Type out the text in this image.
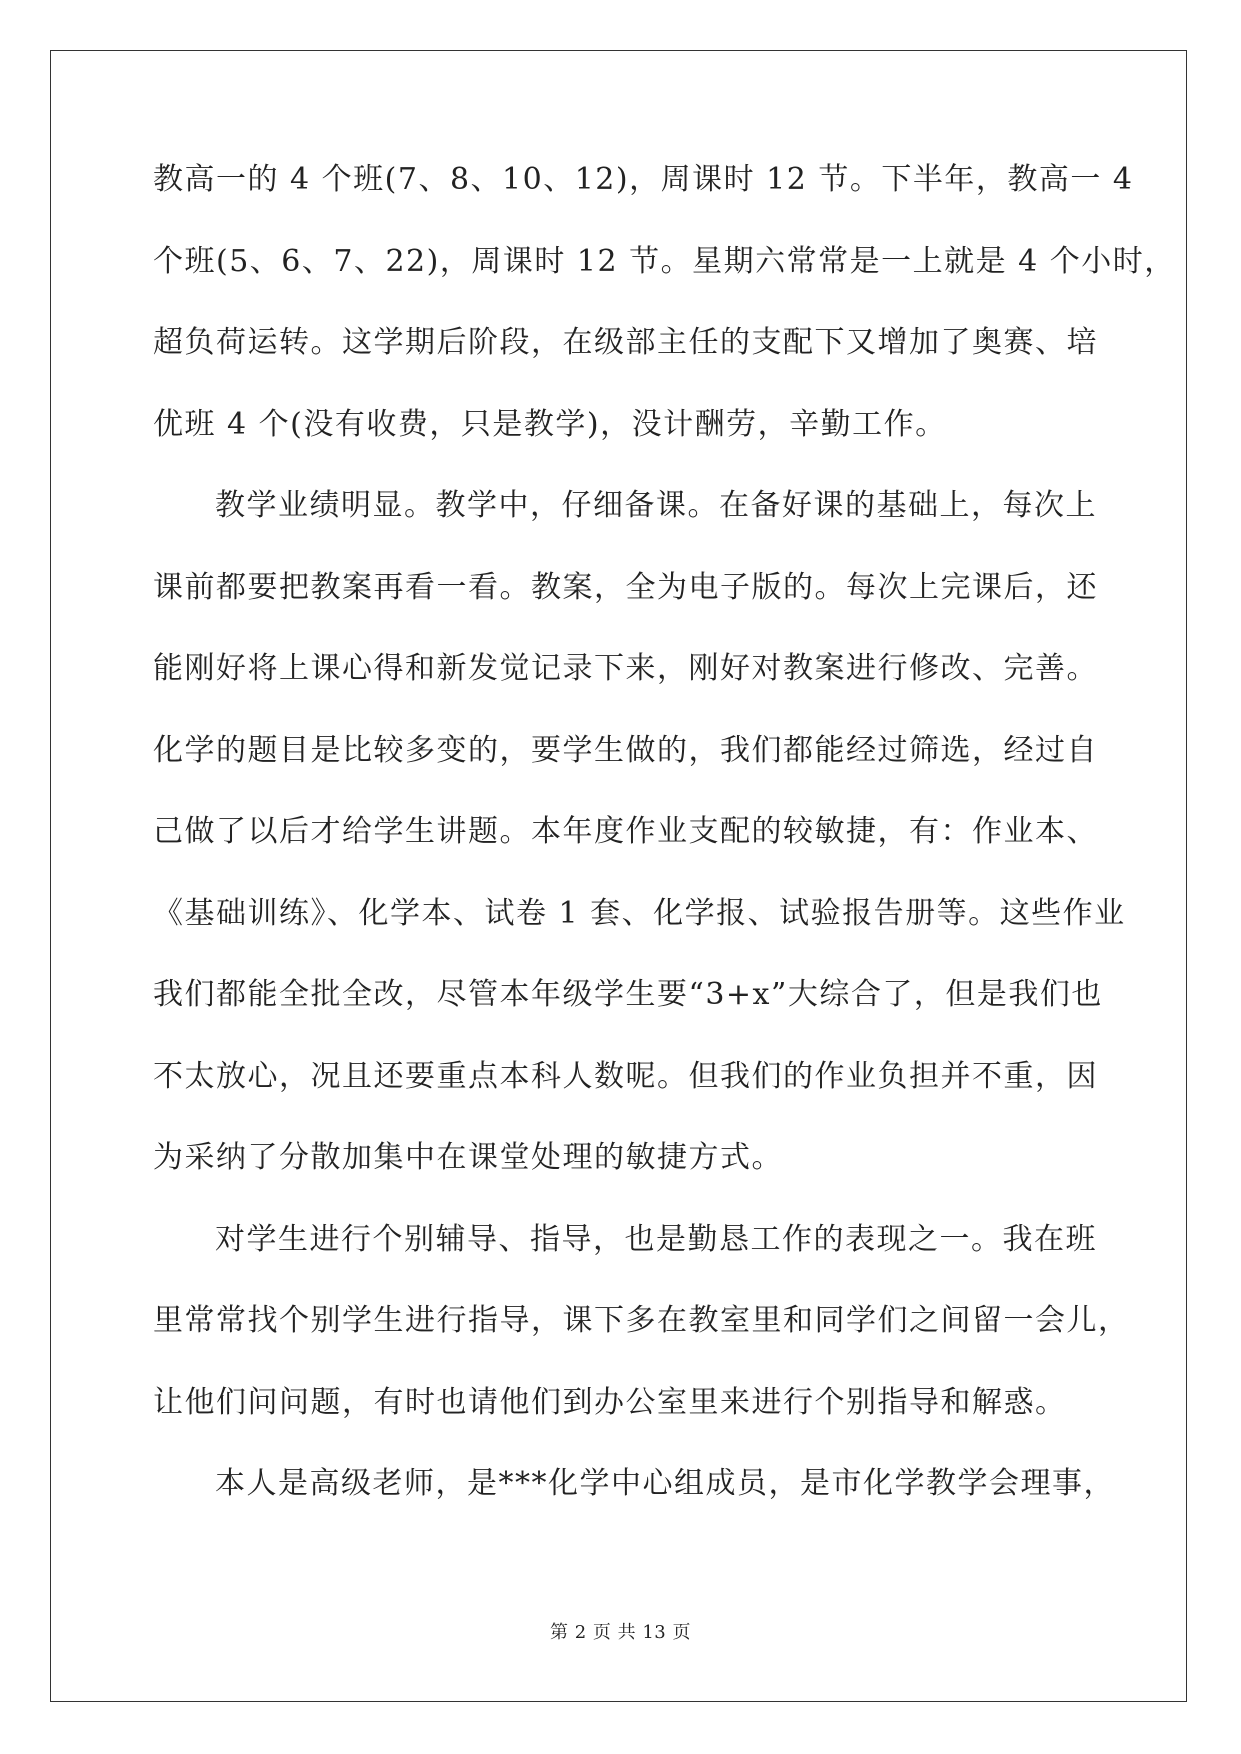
教高一的 4 个班(7、8、10、12)，周课时 12 节。下半年，教高一 4
个班(5、6、7、22)，周课时 12 节。星期六常常是一上就是 4 个小时，
超负荷运转。这学期后阶段，在级部主任的支配下又增加了奥赛、培
优班 4 个(没有收费，只是教学)，没计酬劳，辛勤工作。
教学业绩明显。教学中，仔细备课。在备好课的基础上，每次上
课前都要把教案再看一看。教案，全为电子版的。每次上完课后，还
能刚好将上课心得和新发觉记录下来，刚好对教案进行修改、完善。
化学的题目是比较多变的，要学生做的，我们都能经过筛选，经过自
己做了以后才给学生讲题。本年度作业支配的较敏捷，有：作业本、
《基础训练》、化学本、试卷 1 套、化学报、试验报告册等。这些作业
我们都能全批全改，尽管本年级学生要“3+x”大综合了，但是我们也
不太放心，况且还要重点本科人数呢。但我们的作业负担并不重，因
为采纳了分散加集中在课堂处理的敏捷方式。
对学生进行个别辅导、指导，也是勤恳工作的表现之一。我在班
里常常找个别学生进行指导，课下多在教室里和同学们之间留一会儿，
让他们问问题，有时也请他们到办公室里来进行个别指导和解惑。
本人是高级老师，是***化学中心组成员，是市化学教学会理事，
第 2 页 共 13 页
